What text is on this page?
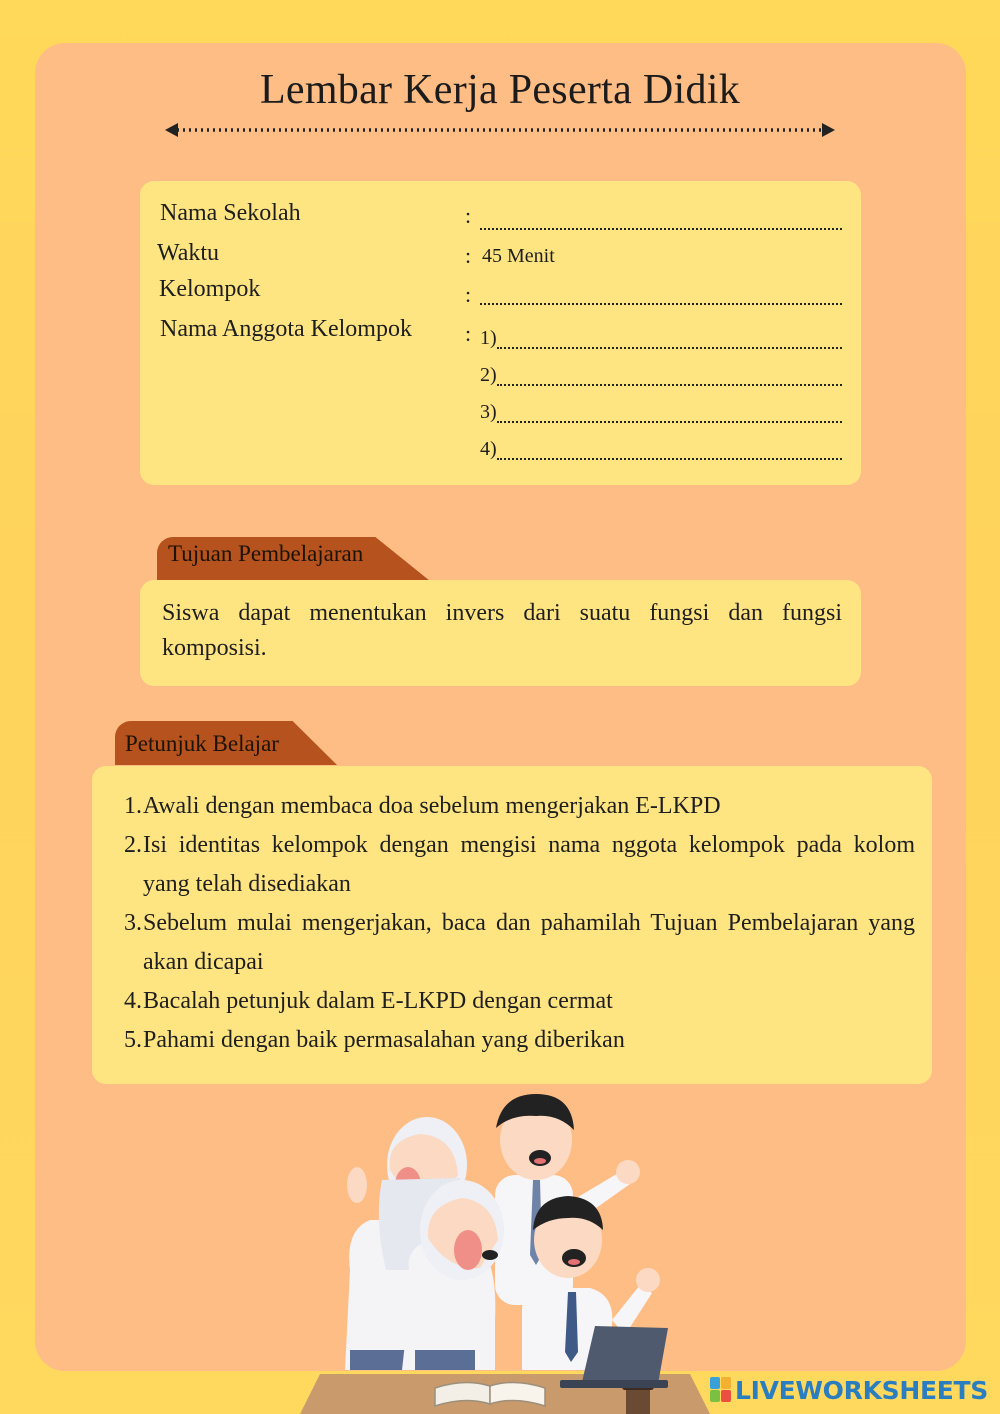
Lembar Kerja Peserta Didik
Nama Sekolah	:
Waktu	: 45 Menit
Kelompok	:
Nama Anggota Kelompok : 1)
2)
3)
4)
Tujuan Pembelajaran
Siswa dapat menentukan invers dari suatu fungsi dan fungsi komposisi.
Petunjuk Belajar
1. Awali dengan membaca doa sebelum mengerjakan E-LKPD
2. Isi identitas kelompok dengan mengisi nama nggota kelompok pada kolom yang telah disediakan
3. Sebelum mulai mengerjakan, baca dan pahamilah Tujuan Pembelajaran yang akan dicapai
4. Bacalah petunjuk dalam E-LKPD dengan cermat
5. Pahami dengan baik permasalahan yang diberikan
LIVEWORKSHEETS
